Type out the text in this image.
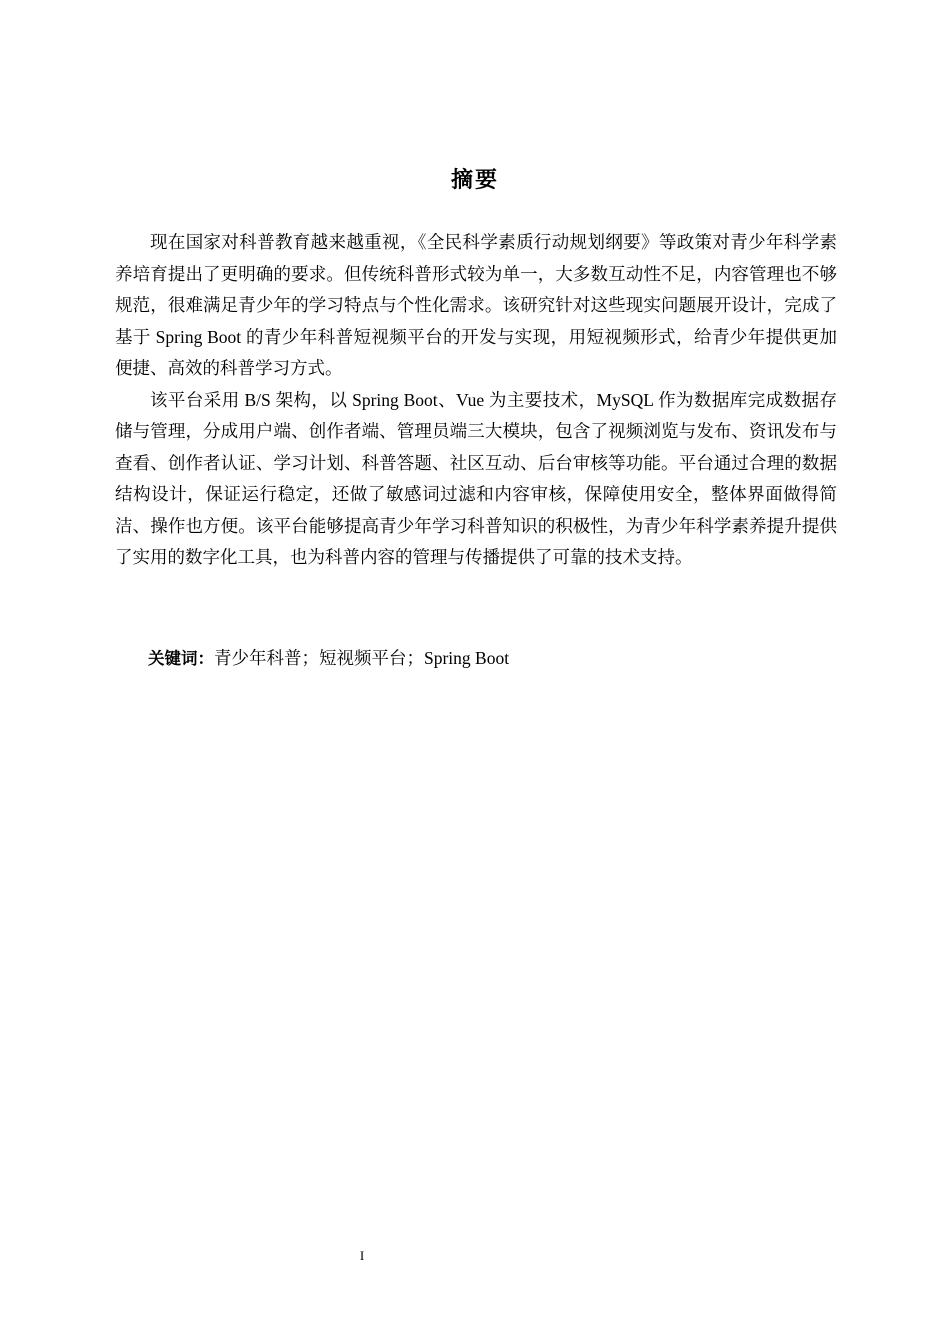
摘要

现在国家对科普教育越来越重视，《全民科学素质行动规划纲要》等政策对青少年科学素养培育提出了更明确的要求。但传统科普形式较为单一，大多数互动性不足，内容管理也不够规范，很难满足青少年的学习特点与个性化需求。该研究针对这些现实问题展开设计，完成了基于 Spring Boot 的青少年科普短视频平台的开发与实现，用短视频形式，给青少年提供更加便捷、高效的科普学习方式。

该平台采用 B/S 架构，以 Spring Boot、Vue 为主要技术，MySQL 作为数据库完成数据存储与管理，分成用户端、创作者端、管理员端三大模块，包含了视频浏览与发布、资讯发布与查看、创作者认证、学习计划、科普答题、社区互动、后台审核等功能。平台通过合理的数据结构设计，保证运行稳定，还做了敏感词过滤和内容审核，保障使用安全，整体界面做得简洁、操作也方便。该平台能够提高青少年学习科普知识的积极性，为青少年科学素养提升提供了实用的数字化工具，也为科普内容的管理与传播提供了可靠的技术支持。

关键词：青少年科普；短视频平台；Spring Boot
I
